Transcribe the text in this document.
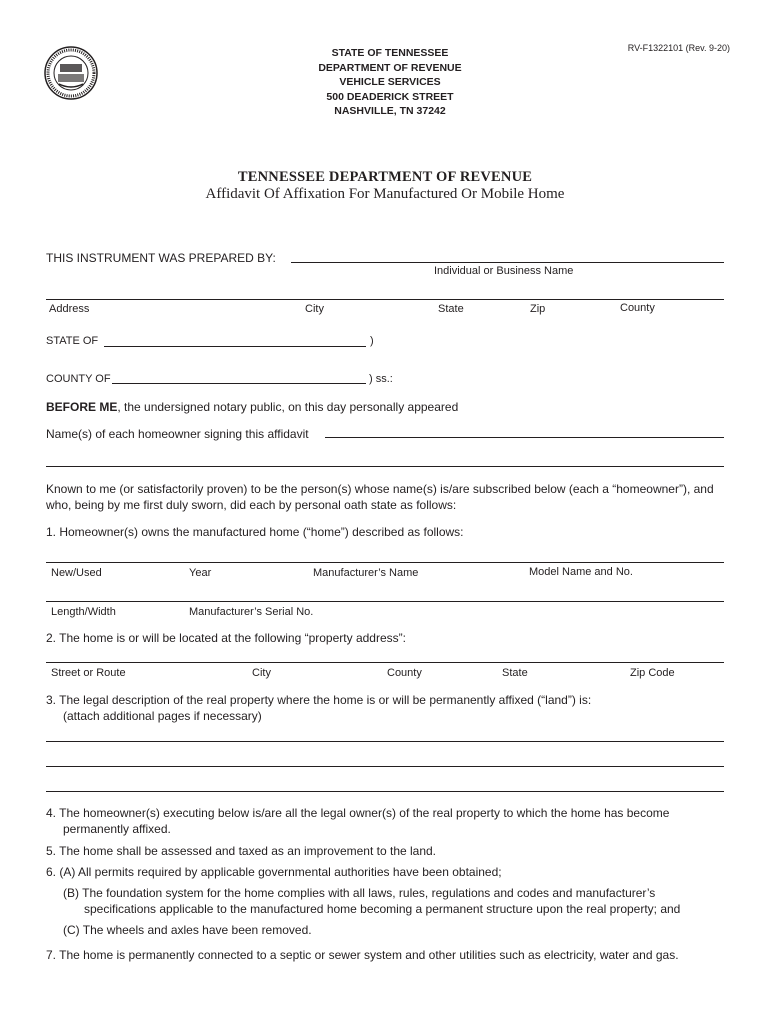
STATE OF TENNESSEE
DEPARTMENT OF REVENUE
VEHICLE SERVICES
500 DEADERICK STREET
NASHVILLE, TN 37242
RV-F1322101 (Rev. 9-20)
TENNESSEE DEPARTMENT OF REVENUE
Affidavit Of Affixation For Manufactured Or Mobile Home
THIS INSTRUMENT WAS PREPARED BY:
Individual or Business Name
Address	City	State	Zip	County
STATE OF	)
COUNTY OF	) ss.:
BEFORE ME, the undersigned notary public, on this day personally appeared
Name(s) of each homeowner signing this affidavit
Known to me (or satisfactorily proven) to be the person(s) whose name(s) is/are subscribed below (each a “homeowner”), and who, being by me first duly sworn, did each by personal oath state as follows:
1. Homeowner(s) owns the manufactured home (“home”) described as follows:
New/Used	Year	Manufacturer’s Name	Model Name and No.
Length/Width	Manufacturer’s Serial No.
2. The home is or will be located at the following “property address”:
Street or Route	City	County	State	Zip Code
3. The legal description of the real property where the home is or will be permanently affixed (“land”) is:
(attach additional pages if necessary)
4. The homeowner(s) executing below is/are all the legal owner(s) of the real property to which the home has become
permanently affixed.
5. The home shall be assessed and taxed as an improvement to the land.
6. (A) All permits required by applicable governmental authorities have been obtained;
(B) The foundation system for the home complies with all laws, rules, regulations and codes and manufacturer’s
specifications applicable to the manufactured home becoming a permanent structure upon the real property; and
(C) The wheels and axles have been removed.
7. The home is permanently connected to a septic or sewer system and other utilities such as electricity, water and gas.
